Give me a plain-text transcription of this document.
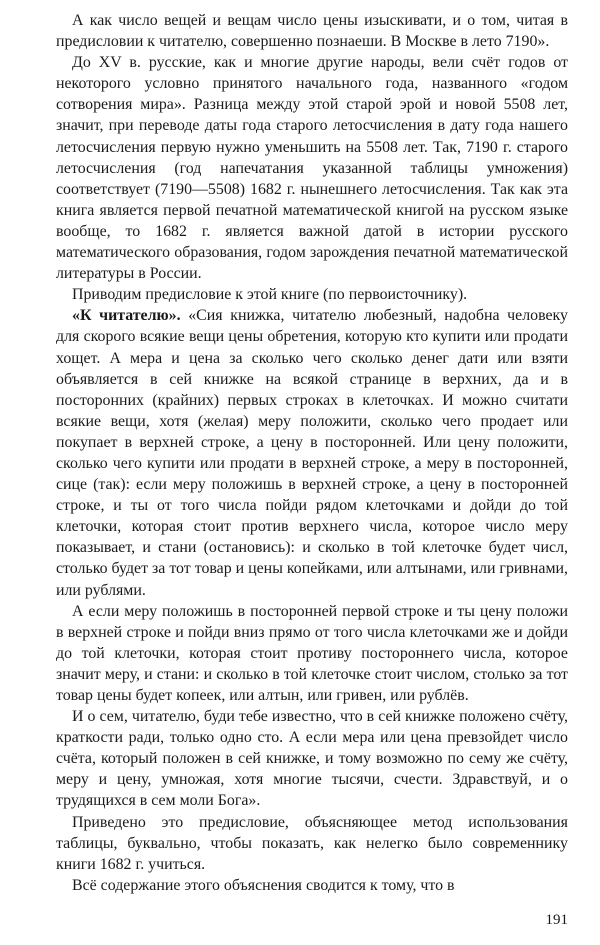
А как число вещей и вещам число цены изыскивати, и о том, читая в предисловии к читателю, совершенно познаеши. В Москве в лето 7190».

До XV в. русские, как и многие другие народы, вели счёт годов от некоторого условно принятого начального года, названного «годом сотворения мира». Разница между этой старой эрой и новой 5508 лет, значит, при переводе даты года старого летосчисления в дату года нашего летосчисления первую нужно уменьшить на 5508 лет. Так, 7190 г. старого летосчисления (год напечатания указанной таблицы умножения) соответствует (7190—5508) 1682 г. нынешнего летосчисления. Так как эта книга является первой печатной математической книгой на русском языке вообще, то 1682 г. является важной датой в истории русского математического образования, годом зарождения печатной математической литературы в России.

Приводим предисловие к этой книге (по первоисточнику).

«К читателю». «Сия книжка, читателю любезный, надобна человеку для скорого всякие вещи цены обретения, которую кто купити или продати хощет. А мера и цена за сколько чего сколько денег дати или взяти объявляется в сей книжке на всякой странице в верхних, да и в посторонних (крайних) первых строках в клеточках. И можно считати всякие вещи, хотя (желая) меру положити, сколько чего продает или покупает в верхней строке, а цену в посторонней. Или цену положити, сколько чего купити или продати в верхней строке, а меру в посторонней, сице (так): если меру положишь в верхней строке, а цену в посторонней строке, и ты от того числа пойди рядом клеточками и дойди до той клеточки, которая стоит против верхнего числа, которое число меру показывает, и стани (остановись): и сколько в той клеточке будет числ, столько будет за тот товар и цены копейками, или алтынами, или гривнами, или рублями.

А если меру положишь в посторонней первой строке и ты цену положи в верхней строке и пойди вниз прямо от того числа клеточками же и дойди до той клеточки, которая стоит противу постороннего числа, которое значит меру, и стани: и сколько в той клеточке стоит числом, столько за тот товар цены будет копеек, или алтын, или гривен, или рублёв.

И о сем, читателю, буди тебе известно, что в сей книжке положено счёту, краткости ради, только одно сто. А если мера или цена превзойдет число счёта, который положен в сей книжке, и тому возможно по сему же счёту, меру и цену, умножая, хотя многие тысячи, счести. Здравствуй, и о трудящихся в сем моли Бога».

Приведено это предисловие, объясняющее метод использования таблицы, буквально, чтобы показать, как нелегко было современнику книги 1682 г. учиться.

Всё содержание этого объяснения сводится к тому, что в

191
